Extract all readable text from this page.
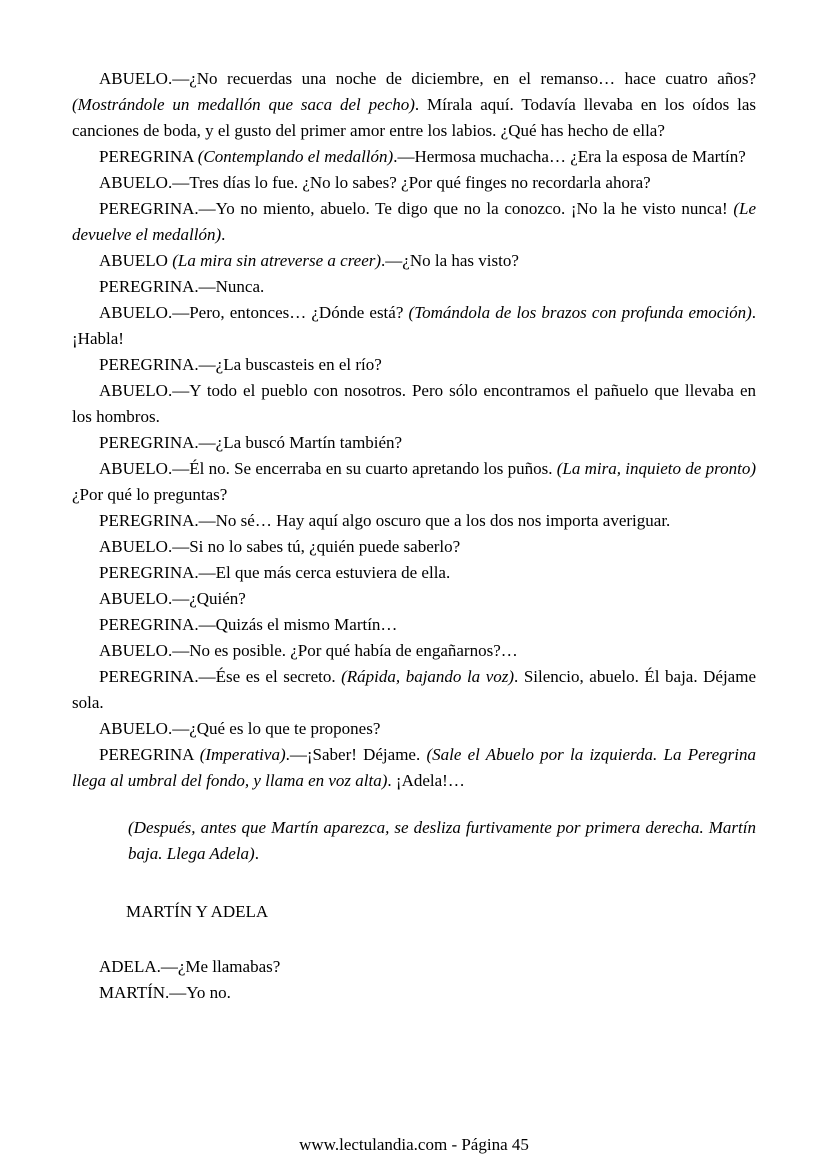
ABUELO.—¿No recuerdas una noche de diciembre, en el remanso… hace cuatro años? (Mostrándole un medallón que saca del pecho). Mírala aquí. Todavía llevaba en los oídos las canciones de boda, y el gusto del primer amor entre los labios. ¿Qué has hecho de ella?

PEREGRINA (Contemplando el medallón).—Hermosa muchacha… ¿Era la esposa de Martín?

ABUELO.—Tres días lo fue. ¿No lo sabes? ¿Por qué finges no recordarla ahora?

PEREGRINA.—Yo no miento, abuelo. Te digo que no la conozco. ¡No la he visto nunca! (Le devuelve el medallón).

ABUELO (La mira sin atreverse a creer).—¿No la has visto?

PEREGRINA.—Nunca.

ABUELO.—Pero, entonces… ¿Dónde está? (Tomándola de los brazos con profunda emoción). ¡Habla!

PEREGRINA.—¿La buscasteis en el río?

ABUELO.—Y todo el pueblo con nosotros. Pero sólo encontramos el pañuelo que llevaba en los hombros.

PEREGRINA.—¿La buscó Martín también?

ABUELO.—Él no. Se encerraba en su cuarto apretando los puños. (La mira, inquieto de pronto) ¿Por qué lo preguntas?

PEREGRINA.—No sé… Hay aquí algo oscuro que a los dos nos importa averiguar.

ABUELO.—Si no lo sabes tú, ¿quién puede saberlo?

PEREGRINA.—El que más cerca estuviera de ella.

ABUELO.—¿Quién?

PEREGRINA.—Quizás el mismo Martín…

ABUELO.—No es posible. ¿Por qué había de engañarnos?…

PEREGRINA.—Ése es el secreto. (Rápida, bajando la voz). Silencio, abuelo. Él baja. Déjame sola.

ABUELO.—¿Qué es lo que te propones?

PEREGRINA (Imperativa).—¡Saber! Déjame. (Sale el Abuelo por la izquierda. La Peregrina llega al umbral del fondo, y llama en voz alta). ¡Adela!…

(Después, antes que Martín aparezca, se desliza furtivamente por primera derecha. Martín baja. Llega Adela).

MARTÍN Y ADELA

ADELA.—¿Me llamabas?

MARTÍN.—Yo no.

www.lectulandia.com - Página 45
